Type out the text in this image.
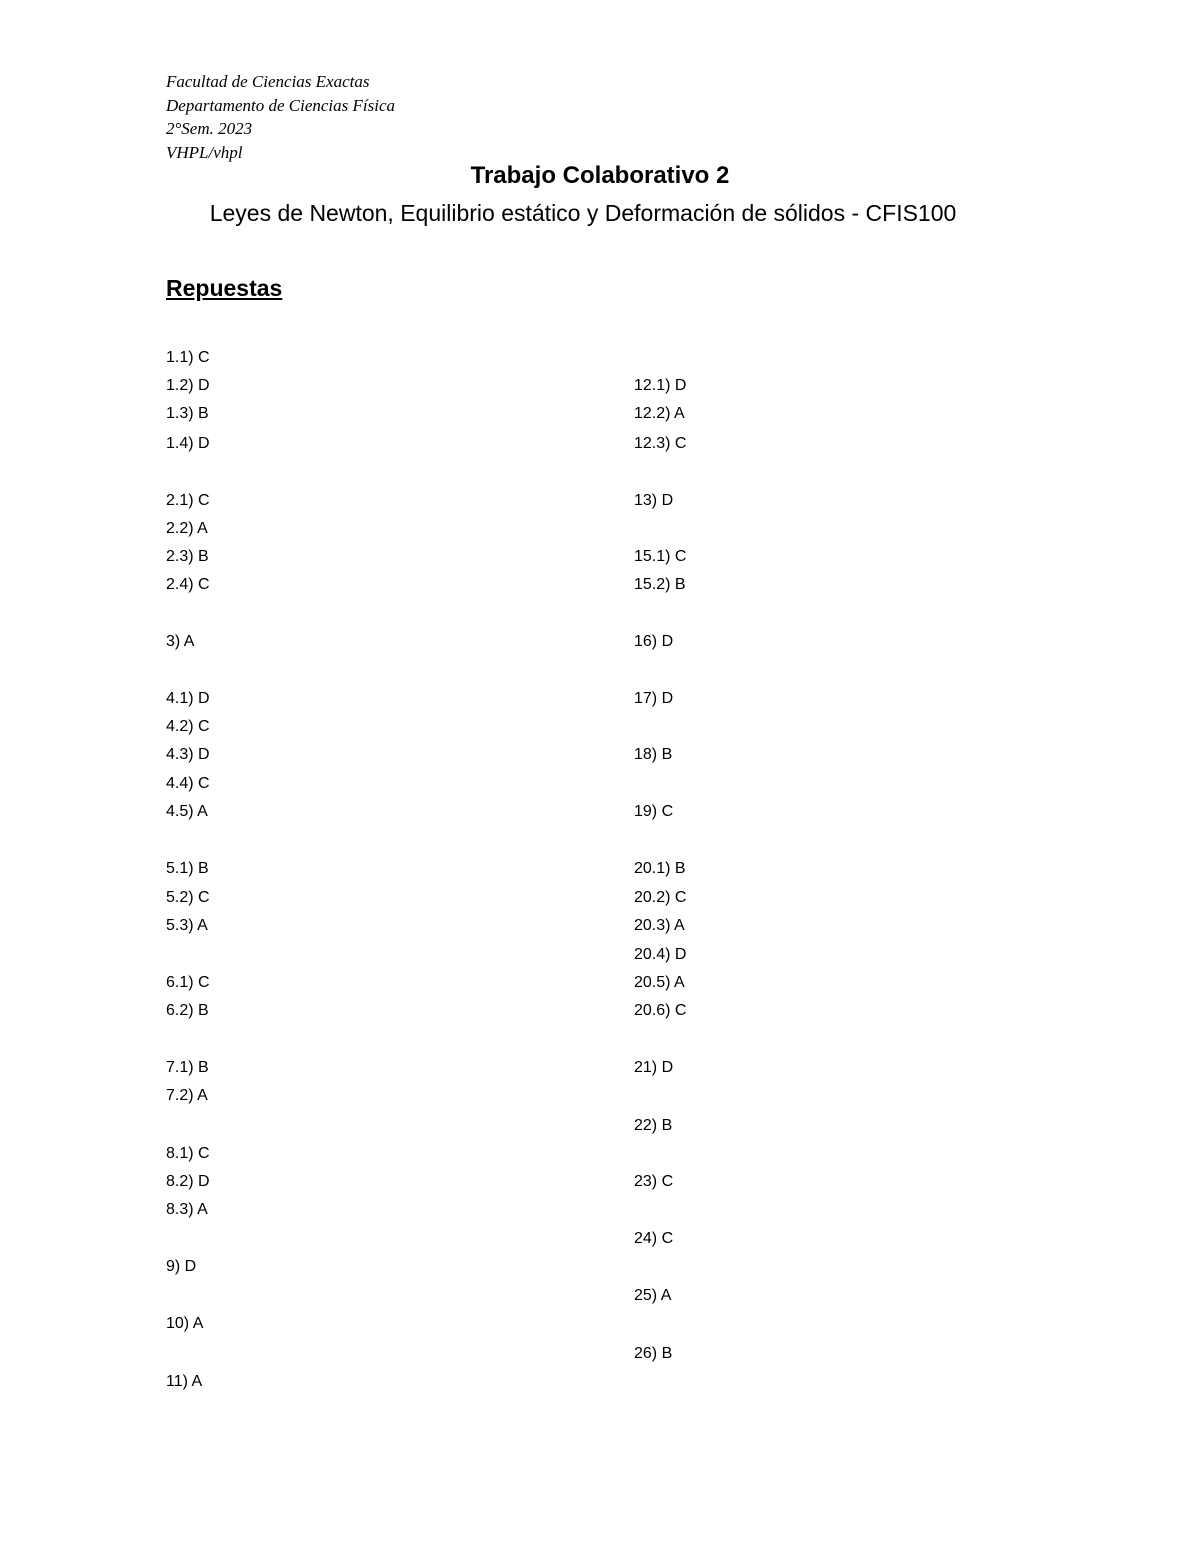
Facultad de Ciencias Exactas
Departamento de Ciencias Física
2°Sem. 2023
VHPL/vhpl
Trabajo Colaborativo 2
Leyes de Newton, Equilibrio estático y Deformación de sólidos - CFIS100
Repuestas
1.1) C
1.2) D
1.3) B
1.4) D
2.1) C
2.2) A
2.3) B
2.4) C
3) A
4.1) D
4.2) C
4.3) D
4.4) C
4.5) A
5.1) B
5.2) C
5.3) A
6.1) C
6.2) B
7.1) B
7.2) A
8.1) C
8.2) D
8.3) A
9) D
10) A
11) A
12.1) D
12.2) A
12.3) C
13) D
15.1) C
15.2) B
16) D
17) D
18) B
19) C
20.1) B
20.2) C
20.3) A
20.4) D
20.5) A
20.6) C
21) D
22) B
23) C
24) C
25) A
26) B
